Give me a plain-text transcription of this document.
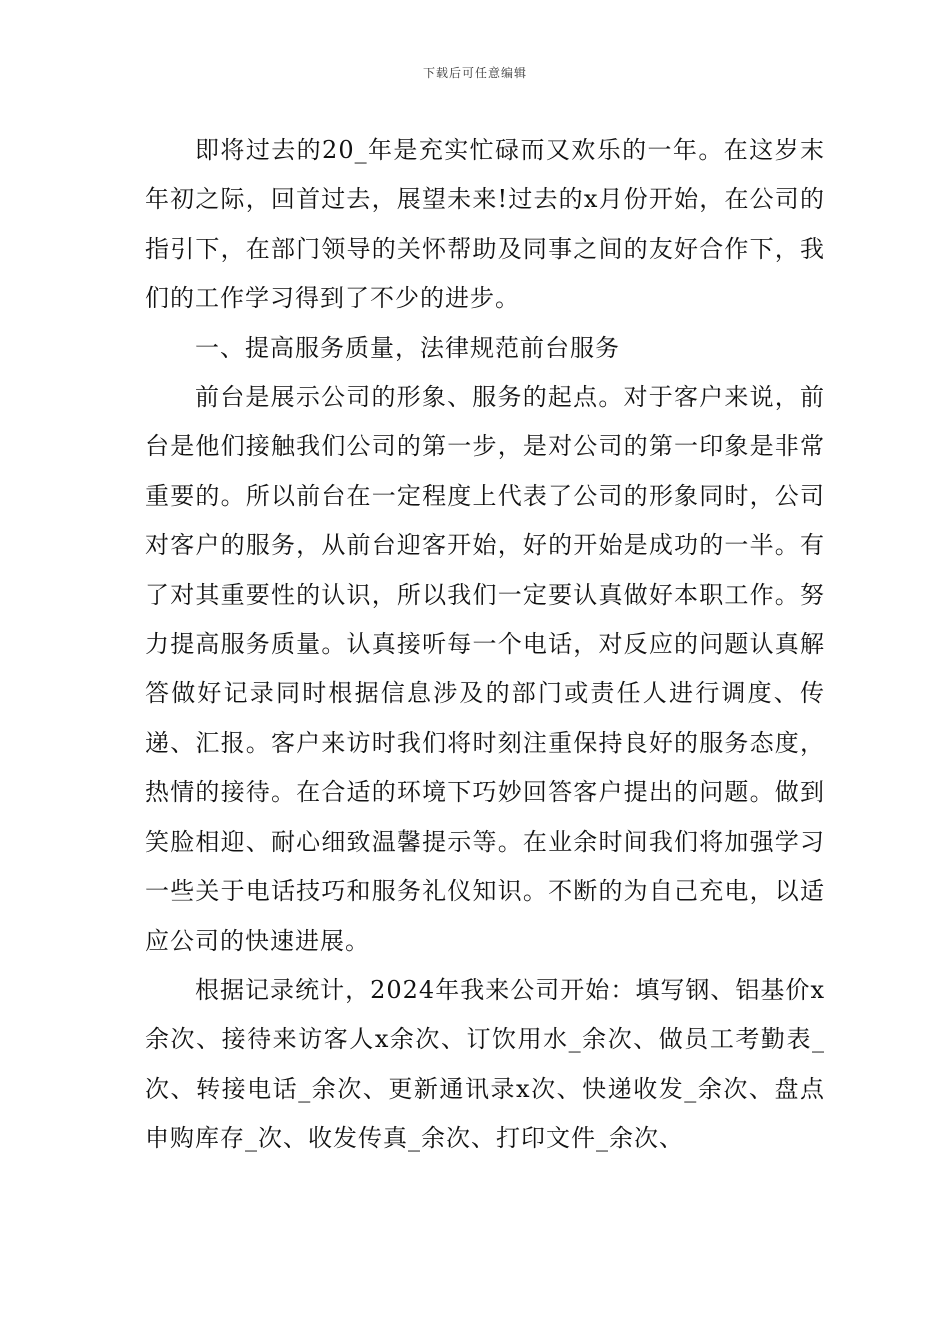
下载后可任意编辑

即将过去的20_年是充实忙碌而又欢乐的一年。在这岁末年初之际，回首过去，展望未来!过去的x月份开始，在公司的指引下，在部门领导的关怀帮助及同事之间的友好合作下，我们的工作学习得到了不少的进步。

一、提高服务质量，法律规范前台服务

前台是展示公司的形象、服务的起点。对于客户来说，前台是他们接触我们公司的第一步，是对公司的第一印象是非常重要的。所以前台在一定程度上代表了公司的形象同时，公司对客户的服务，从前台迎客开始，好的开始是成功的一半。有了对其重要性的认识，所以我们一定要认真做好本职工作。努力提高服务质量。认真接听每一个电话，对反应的问题认真解答做好记录同时根据信息涉及的部门或责任人进行调度、传递、汇报。客户来访时我们将时刻注重保持良好的服务态度，热情的接待。在合适的环境下巧妙回答客户提出的问题。做到笑脸相迎、耐心细致温馨提示等。在业余时间我们将加强学习一些关于电话技巧和服务礼仪知识。不断的为自己充电，以适应公司的快速进展。

根据记录统计，2024年我来公司开始：填写钢、铝基价x余次、接待来访客人x余次、订饮用水_余次、做员工考勤表_次、转接电话_余次、更新通讯录x次、快递收发_余次、盘点申购库存_次、收发传真_余次、打印文件_余次、
